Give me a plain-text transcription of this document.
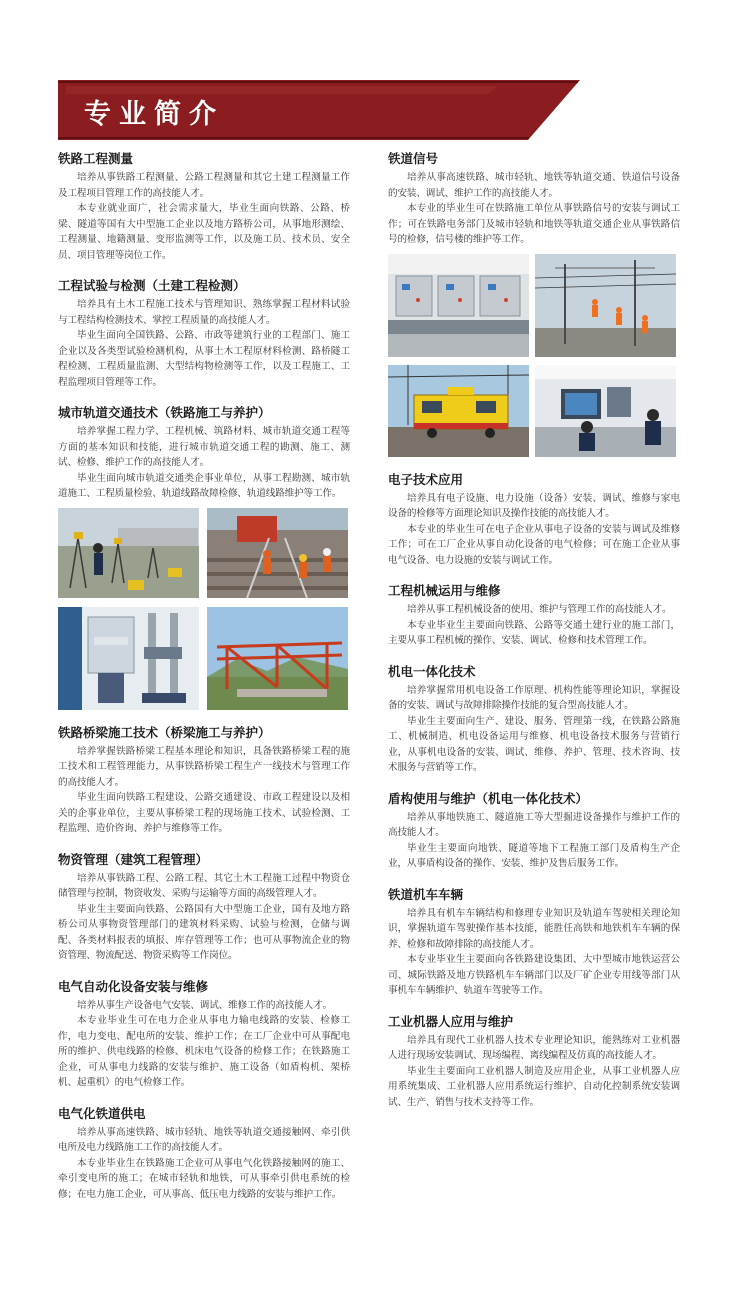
专业简介
铁路工程测量

培养从事铁路工程测量、公路工程测量和其它土建工程测量工作及工程项目管理工作的高技能人才。

本专业就业面广，社会需求量大，毕业生面向铁路、公路、桥梁、隧道等国有大中型施工企业以及地方路桥公司，从事地形测绘、工程测量、地籍测量、变形监测等工作，以及施工员、技术员、安全员、项目管理等岗位工作。

工程试验与检测（土建工程检测）

培养具有土木工程施工技术与管理知识、熟练掌握工程材料试验与工程结构检测技术、掌控工程质量的高技能人才。

毕业生面向全国铁路、公路、市政等建筑行业的工程部门、施工企业以及各类型试验检测机构，从事土木工程原材料检测、路桥隧工程检测、工程质量监测、大型结构物检测等工作，以及工程施工、工程监理项目管理等工作。

城市轨道交通技术（铁路施工与养护）

培养掌握工程力学、工程机械、筑路材料、城市轨道交通工程等方面的基本知识和技能，进行城市轨道交通工程的勘测、施工、测试、检修、维护工作的高技能人才。

毕业生面向城市轨道交通类企事业单位，从事工程勘测、城市轨道施工、工程质量检验、轨道线路故障检修、轨道线路维护等工作。

铁路桥梁施工技术（桥梁施工与养护）

培养掌握铁路桥梁工程基本理论和知识，具备铁路桥梁工程的施工技术和工程管理能力，从事铁路桥梁工程生产一线技术与管理工作的高技能人才。

毕业生面向铁路工程建设、公路交通建设、市政工程建设以及相关的企事业单位，主要从事桥梁工程的现场施工技术、试验检测、工程监理、造价咨询、养护与维修等工作。

物资管理（建筑工程管理）

培养从事铁路工程、公路工程、其它土木工程施工过程中物资仓储管理与控制，物资收发、采购与运输等方面的高级管理人才。

毕业生主要面向铁路、公路国有大中型施工企业，国有及地方路桥公司从事物资管理部门的建筑材料采购、试验与检测，仓储与调配、各类材料报表的填报、库存管理等工作；也可从事物流企业的物资管理、物流配送、物资采购等工作岗位。

电气自动化设备安装与维修

培养从事生产设备电气安装、调试、维修工作的高技能人才。

本专业毕业生可在电力企业从事电力输电线路的安装、检修工作，电力变电、配电所的安装、维护工作；在工厂企业中可从事配电所的维护、供电线路的检修、机床电气设备的检修工作；在铁路施工企业，可从事电力线路的安装与维护、施工设备（如盾构机、架桥机、起重机）的电气检修工作。

电气化铁道供电

培养从事高速铁路、城市轻轨、地铁等轨道交通接触网、牵引供电所及电力线路施工工作的高技能人才。

本专业毕业生在铁路施工企业可从事电气化铁路接触网的施工、牵引变电所的施工；在城市轻轨和地铁，可从事牵引供电系统的检修；在电力施工企业，可从事高、低压电力线路的安装与维护工作。

铁道信号

培养从事高速铁路、城市轻轨、地铁等轨道交通、铁道信号设备的安装、调试、维护工作的高技能人才。

本专业的毕业生可在铁路施工单位从事铁路信号的安装与调试工作；可在铁路电务部门及城市轻轨和地铁等轨道交通企业从事铁路信号的检修，信号楼的维护等工作。

电子技术应用

培养具有电子设施、电力设施（设备）安装、调试、维修与家电设备的检修等方面理论知识及操作技能的高技能人才。

本专业的毕业生可在电子企业从事电子设备的安装与调试及维修工作；可在工厂企业从事自动化设备的电气检修；可在施工企业从事电气设备、电力设施的安装与调试工作。

工程机械运用与维修

培养从事工程机械设备的使用、维护与管理工作的高技能人才。

本专业毕业生主要面向铁路、公路等交通土建行业的施工部门，主要从事工程机械的操作、安装、调试、检修和技术管理工作。

机电一体化技术

培养掌握常用机电设备工作原理、机构性能等理论知识，掌握设备的安装、调试与故障排除操作技能的复合型高技能人才。

毕业生主要面向生产、建设、服务、管理第一线，在铁路公路施工、机械制造、机电设备运用与维修、机电设备技术服务与营销行业，从事机电设备的安装、调试、维修、养护、管理、技术咨询、技术服务与营销等工作。

盾构使用与维护（机电一体化技术）

培养从事地铁施工、隧道施工等大型掘进设备操作与维护工作的高技能人才。

毕业生主要面向地铁、隧道等地下工程施工部门及盾构生产企业，从事盾构设备的操作、安装、维护及售后服务工作。

铁道机车车辆

培养具有机车车辆结构和修理专业知识及轨道车驾驶相关理论知识，掌握轨道车驾驶操作基本技能，能胜任高铁和地铁机车车辆的保养、检修和故障排除的高技能人才。

本专业毕业生主要面向各铁路建设集团、大中型城市地铁运营公司、城际铁路及地方铁路机车车辆部门以及厂矿企业专用线等部门从事机车车辆维护、轨道车驾驶等工作。

工业机器人应用与维护

培养具有现代工业机器人技术专业理论知识，能熟练对工业机器人进行现场安装调试、现场编程、离线编程及仿真的高技能人才。

毕业生主要面向工业机器人制造及应用企业，从事工业机器人应用系统集成、工业机器人应用系统运行维护、自动化控制系统安装调试、生产、销售与技术支持等工作。
